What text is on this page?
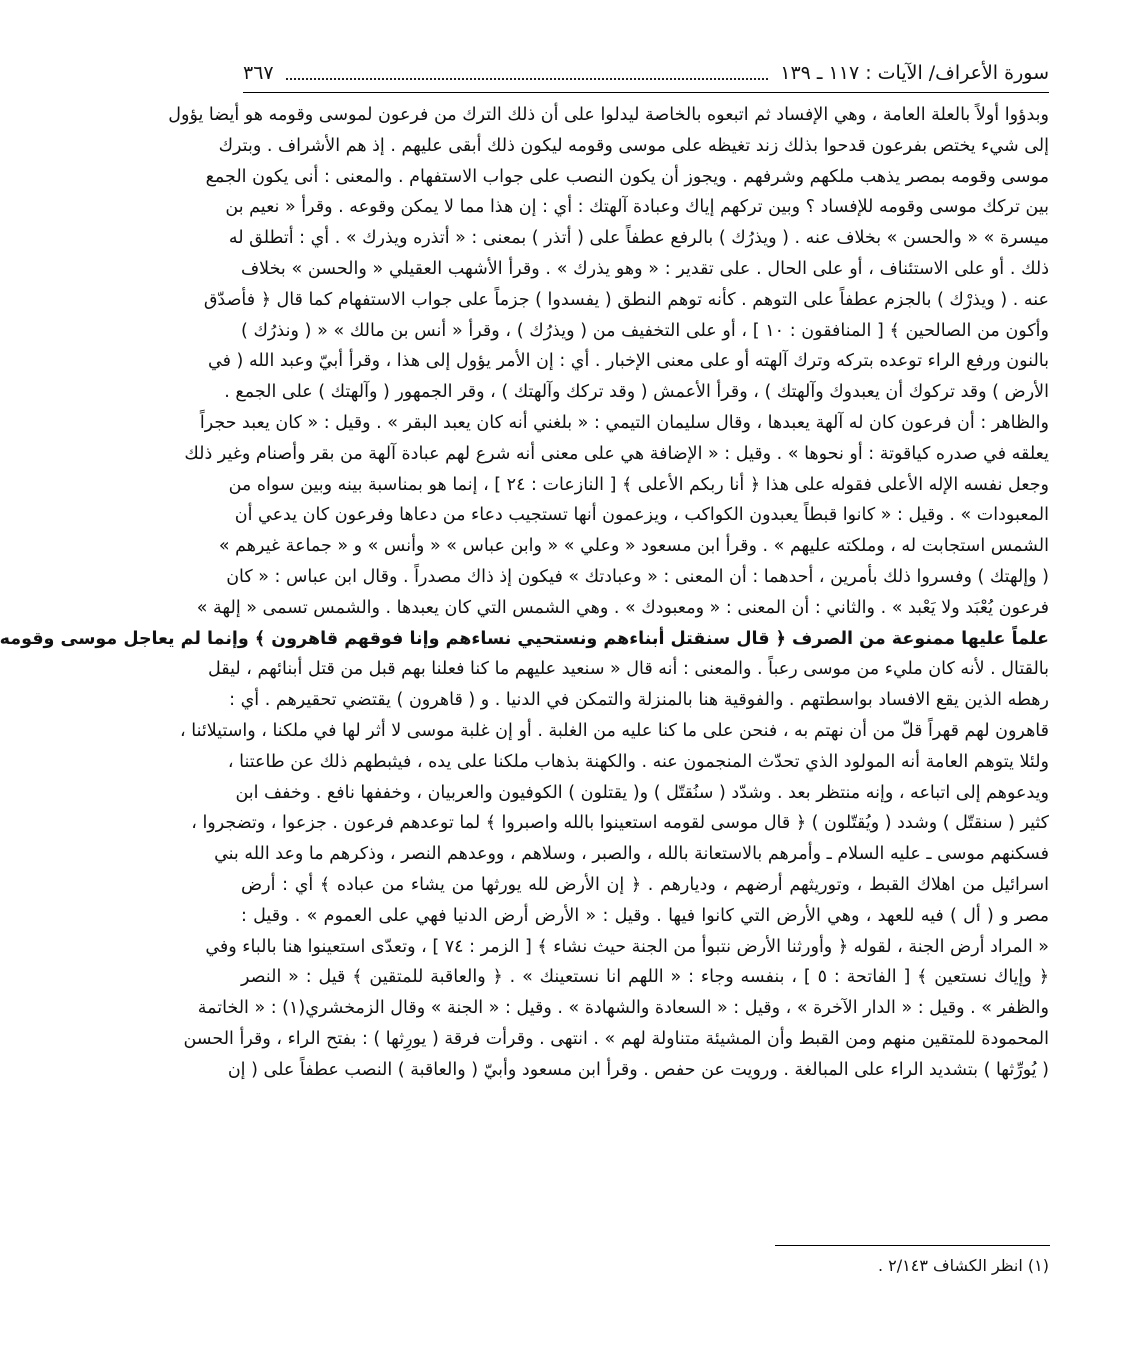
سورة الأعراف/ الآيات : ١١٧ ـ ١٣٩
٣٦٧
وبدؤوا أولاً بالعلة العامة ، وهي الإفساد ثم اتبعوه بالخاصة ليدلوا على أن ذلك الترك من فرعون لموسى وقومه هو أيضا يؤول
إلى شيء يختص بفرعون قدحوا بذلك زند تغيظه على موسى وقومه ليكون ذلك أبقى عليهم . إذ هم الأشراف . وبترك
موسى وقومه بمصر يذهب ملكهم وشرفهم . ويجوز أن يكون النصب على جواب الاستفهام . والمعنى : أنى يكون الجمع
بين تركك موسى وقومه للإفساد ؟ وبين تركهم إياك وعبادة آلهتك : أي : إن هذا مما لا يمكن وقوعه . وقرأ « نعيم بن
ميسرة » « والحسن » بخلاف عنه . ( ويذرُك ) بالرفع عطفاً على ( أتذر ) بمعنى : « أتذره ويذرك » . أي : أتطلق له
ذلك . أو على الاستئناف ، أو على الحال . على تقدير : « وهو يذرك » . وقرأ الأشهب العقيلي « والحسن » بخلاف
عنه . ( ويذرْك ) بالجزم عطفاً على التوهم . كأنه توهم النطق ( يفسدوا ) جزماً على جواب الاستفهام كما قال ﴿ فأصدّق
وأكون من الصالحين ﴾ [ المنافقون : ١٠ ] ، أو على التخفيف من ( ويذرُك ) ، وقرأ « أنس بن مالك » « ( ونذرُك )
بالنون ورفع الراء توعده بتركه وترك آلهته أو على معنى الإخبار . أي : إن الأمر يؤول إلى هذا ، وقرأ أبيّ وعبد الله ( في
الأرض ) وقد تركوك أن يعبدوك وآلهتك ) ، وقرأ الأعمش ( وقد تركك وآلهتك ) ، وقر الجمهور ( وآلهتك ) على الجمع .
والظاهر : أن فرعون كان له آلهة يعبدها ، وقال سليمان التيمي : « بلغني أنه كان يعبد البقر » . وقيل : « كان يعبد حجراً
يعلقه في صدره كياقوتة : أو نحوها » . وقيل : « الإضافة هي على معنى أنه شرع لهم عبادة آلهة من بقر وأصنام وغير ذلك
وجعل نفسه الإله الأعلى فقوله على هذا ﴿ أنا ربكم الأعلى ﴾ [ النازعات : ٢٤ ] ، إنما هو بمناسبة بينه وبين سواه من
المعبودات » . وقيل : « كانوا قبطاً يعبدون الكواكب ، ويزعمون أنها تستجيب دعاء من دعاها وفرعون كان يدعي أن
الشمس استجابت له ، وملكته عليهم » . وقرأ ابن مسعود « وعلي » « وابن عباس » « وأنس » و « جماعة غيرهم »
( وإلهتك ) وفسروا ذلك بأمرين ، أحدهما : أن المعنى : « وعبادتك » فيكون إذ ذاك مصدراً . وقال ابن عباس : « كان
فرعون يُعْبَد ولا يَعْبد » . والثاني : أن المعنى : « ومعبودك » . وهي الشمس التي كان يعبدها . والشمس تسمى « إلهة »
علماً عليها ممنوعة من الصرف ﴿ قال سنقتل أبناءهم ونستحيي نساءهم وإنا فوقهم قاهرون ﴾ وإنما لم يعاجل موسى وقومه
بالقتال . لأنه كان مليء من موسى رعباً . والمعنى : أنه قال « سنعيد عليهم ما كنا فعلنا بهم قبل من قتل أبنائهم ، ليقل
رهطه الذين يقع الافساد بواسطتهم . والفوقية هنا بالمنزلة والتمكن في الدنيا . و ( قاهرون ) يقتضي تحقيرهم . أي :
قاهرون لهم قهراً قلّ من أن نهتم به ، فنحن على ما كنا عليه من الغلبة . أو إن غلبة موسى لا أثر لها في ملكنا ، واستيلائنا ،
ولئلا يتوهم العامة أنه المولود الذي تحدّث المنجمون عنه . والكهنة بذهاب ملكنا على يده ، فيثبطهم ذلك عن طاعتنا ،
ويدعوهم إلى اتباعه ، وإنه منتظر بعد . وشدّد ( سنُقتّل ) و( يقتلون ) الكوفيون والعربيان ، وخففها نافع . وخفف ابن
كثير ( سنقتّل ) وشدد ( ويُقتّلون ) ﴿ قال موسى لقومه استعينوا بالله واصبروا ﴾ لما توعدهم فرعون . جزعوا ، وتضجروا ،
فسكنهم موسى ـ عليه السلام ـ وأمرهم بالاستعانة بالله ، والصبر ، وسلاهم ، ووعدهم النصر ، وذكرهم ما وعد الله بني
اسرائيل من اهلاك القبط ، وتوريثهم أرضهم ، وديارهم . ﴿ إن الأرض لله يورثها من يشاء من عباده ﴾ أي : أرض
مصر و ( أل ) فيه للعهد ، وهي الأرض التي كانوا فيها . وقيل : « الأرض أرض الدنيا فهي على العموم » . وقيل :
« المراد أرض الجنة ، لقوله ﴿ وأورثنا الأرض نتبوأ من الجنة حيث نشاء ﴾ [ الزمر : ٧٤ ] ، وتعدّى استعينوا هنا بالباء وفي
﴿ وإياك نستعين ﴾ [ الفاتحة : ٥ ] ، بنفسه وجاء : « اللهم انا نستعينك » . ﴿ والعاقبة للمتقين ﴾ قيل : « النصر
والظفر » . وقيل : « الدار الآخرة » ، وقيل : « السعادة والشهادة » . وقيل : « الجنة » وقال الزمخشري(١) : « الخاتمة
المحمودة للمتقين منهم ومن القبط وأن المشيئة متناولة لهم » . انتهى . وقرأت فرقة ( يورِثها ) : بفتح الراء ، وقرأ الحسن
( يُورِّثها ) بتشديد الراء على المبالغة . ورويت عن حفص . وقرأ ابن مسعود وأبيّ ( والعاقبة ) النصب عطفاً على ( إن
(١) انظر الكشاف ٢/١٤٣ .
